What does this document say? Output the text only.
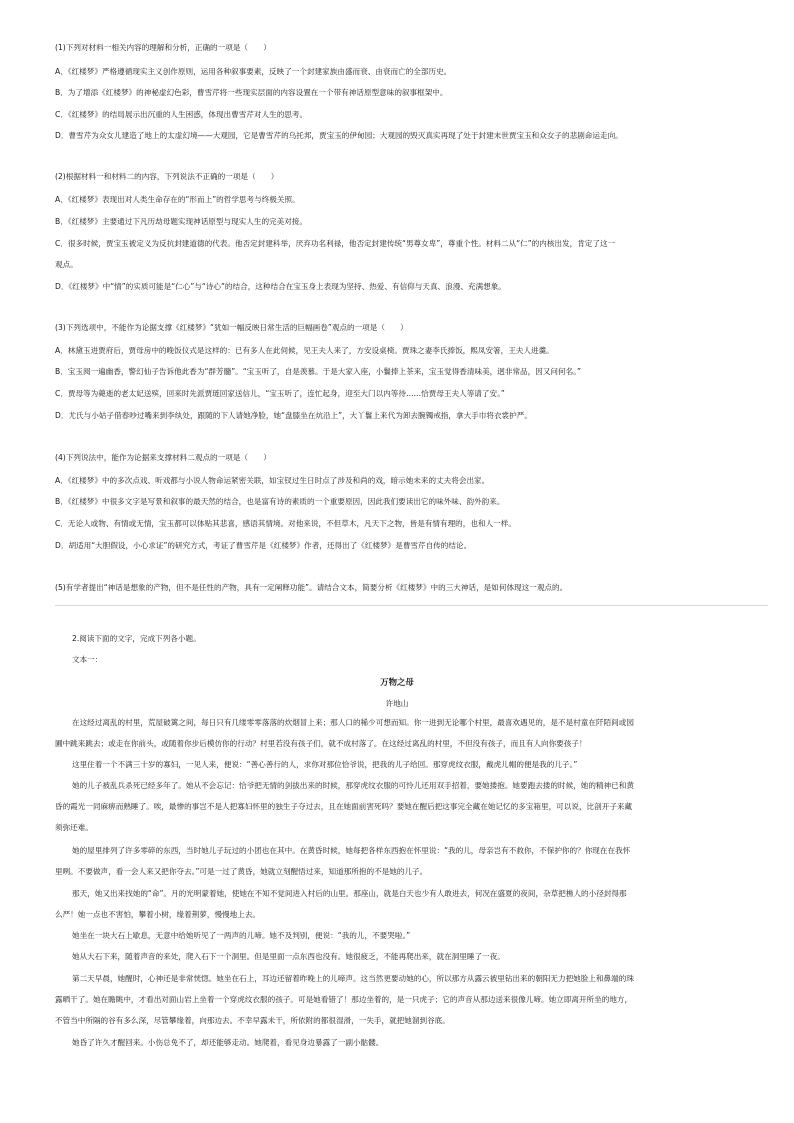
(1)下列对材料一相关内容的理解和分析，正确的一项是（　　）
A．《红楼梦》严格遵循现实主义创作原则，运用各种叙事要素，反映了一个封建家族由盛而衰、由衰而亡的全部历史。
B．为了增添《红楼梦》的神秘虚幻色彩，曹雪芹将一些现实层面的内容设置在一个带有神话原型意味的叙事框架中。
C．《红楼梦》的结局展示出沉重的人生困惑，体现出曹雪芹对人生的思考。
D．曹雪芹为众女儿建造了地上的太虚幻境——大观园，它是曹雪芹的乌托邦，贾宝玉的伊甸园；大观园的毁灭真实再现了处于封建末世贾宝玉和众女子的悲剧命运走向。
(2)根据材料一和材料二的内容，下列说法不正确的一项是（　　）
A．《红楼梦》表现出对人类生命存在的“形而上”的哲学思考与终极关照。
B．《红楼梦》主要通过下凡历劫母题实现神话原型与现实人生的完美对接。
C．很多时候，贾宝玉被定义为反抗封建道德的代表。他否定封建科举，厌弃功名利禄，他否定封建传统“男尊女卑”，尊重个性。材料二从“仁”的内核出发，肯定了这一
观点。
D．《红楼梦》中“情”的实质可能是“仁心”与“诗心”的结合，这种结合在宝玉身上表现为坚持、热爱、有信仰与天真、浪漫、充满想象。
(3)下列选项中，不能作为论据支撑《红楼梦》“犹如一幅反映日常生活的巨幅画卷”观点的一项是（　　）
A．林黛玉进贾府后，贾母房中的晚饭仪式是这样的：已有多人在此伺候，见王夫人来了，方安设桌椅。贾珠之妻李氏捧饭，熙凤安箸，王夫人进羹。
B．宝玉阅一遍幽香，警幻仙子告诉他此香为“群芳髓”。“宝玉听了，自是羡慕。于是大家入座，小鬟捧上茶来，宝玉觉得香清味美，迥非常品，因又问何名。”
C．贾母等为薨逝的老太妃送殡，回来时先派贾琏回家送信儿，“宝玉听了，连忙起身，迎至大门以内等待……恰贾母王夫人等请了安。”
D．尤氏与小姑子借春吵过嘴来到李纨处，跟随的下人请她净脸，她“盘膝坐在炕沿上”，大丫鬟上来代为卸去腕镯戒指，拿大手巾将衣裳护严。
(4)下列说法中，能作为论据来支撑材料二观点的一项是（　　）
A．《红楼梦》中的多次点戏、听戏都与小说人物命运紧密关联，如宝钗过生日时点了涉及和尚的戏，暗示她未来的丈夫将会出家。
B．《红楼梦》中很多文字是写景和叙事的最天然的结合，也是富有诗的素质的一个重要原因，因此我们要读出它的味外味、韵外韵来。
C．无论人或物、有情或无情，宝玉都可以体贴其悲喜，感语其情境。对他来说，不但草木，凡天下之物，皆是有情有理的，也和人一样。
D．胡适用“大胆假设，小心求证”的研究方式，考证了曹雪芹是《红楼梦》作者，还得出了《红楼梦》是曹雪芹自传的结论。
(5)有学者提出“神话是想象的产物，但不是任性的产物，具有一定阐释功能”。请结合文本，简要分析《红楼梦》中的三大神话，是如何体现这一观点的。
2.阅读下面的文字，完成下列各小题。
文本一：
万物之母
许地山
在这经过离乱的村里，荒屋破篱之间，每日只有几缕零零落落的炊烟冒上来；那人口的稀少可想而知。你一进到无论哪个村里，最喜欢遇见的，是不是村童在阡陌间或园
圃中跳来跳去；或走在你前头，或随着你步后模仿你的行动？村里若没有孩子们，就不成村落了。在这经过离乱的村里，不但没有孩子，而且有人向你要孩子！
这里住着一个不满三十岁的寡妇，一见人来，便说：“善心善行的人，求你对那位恰爷说，把我的儿子给回。那穿虎纹衣服，戴虎儿帽的便是我的儿子。”
她的儿子被乱兵杀死已经多年了。她从不会忘记：恰爷把无情的剑拔出来的时候，那穿虎纹衣服的可怜儿还用双手招着，要她搂抱。她要跑去搂的时候，她的精神已和黄
昏的霞光一同麻痹而熟睡了。唉，最惨的事岂不是人把寡妇怀里的独生子夺过去，且在她面前害死吗？要她在醒后把这事完全藏在她记忆的多宝箱里，可以说，比剖开子来藏
须弥还难。
她的屋里排列了许多零碎的东西，当时她儿子玩过的小团也在其中。在黄昏时候，她每把各样东西抱在怀里说：“我的儿，母亲岂有不救你，不保护你的？你现在在我怀
里咧。不要做声，看一会人来又把你夺去。”可是一过了黄昏，她就立刻醒悟过来，知道那所抱的不是她的儿子。
那天，她又出来找她的“命”。月的光明蒙着她，使她在不知不觉间进入村后的山里。那座山，就是白天也少有人敢进去，何况在盛夏的夜间，杂草把樵人的小径封得那
么严！她一点也不害怕，攀着小树，缘着荆萝，慢慢地上去。
她坐在一块大石上歇息，无意中给她听见了一两声的儿啼。她不及判别，便说：“我的儿，不要哭啦。”
她从大石下来，随着声音的来处，爬入石下一个洞里。但是里面一点东西也没有。她很疲乏，不能再爬出来，就在洞里睡了一夜。
第二天早晨，她醒时，心神还是非常恍惚。她坐在石上，耳边还留着昨晚上的儿啼声。这当然更要动她的心，所以那方从露云被里钻出来的朝阳无力把她脸上和鼻端的珠
露晒干了。她在瞻眺中，才看出对面山岩上坐着一个穿虎纹衣服的孩子。可是她看错了！那边坐着的，是一只虎子；它的声音从那边送来很像儿啼。她立即离开所坐的地方，
不管当中所隔的谷有多么深，尽管攀缘着，向那边去。不幸早露未干，所依附的都很湿滑，一失手，就把她溜到谷底。
她昏了许久才醒回来。小伤总免不了，却还能够走动。她爬着，看见身边暴露了一副小骷髅。
